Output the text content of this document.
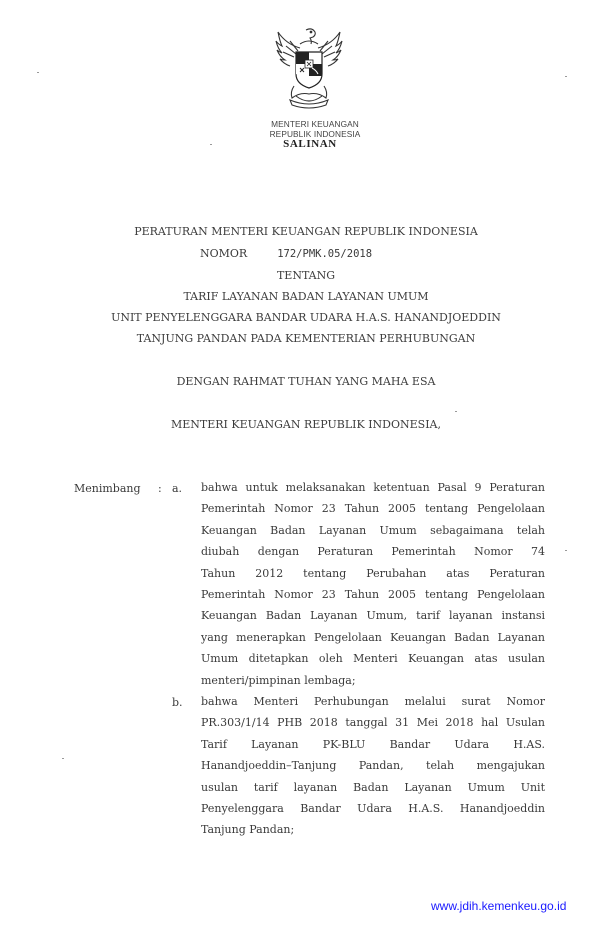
MENTERI KEUANGAN
REPUBLIK INDONESIA
SALINAN
PERATURAN MENTERI KEUANGAN REPUBLIK INDONESIA
NOMOR	172/PMK.05/2018
TENTANG
TARIF LAYANAN BADAN LAYANAN UMUM
UNIT PENYELENGGARA BANDAR UDARA H.A.S. HANANDJOEDDIN
TANJUNG PANDAN PADA KEMENTERIAN PERHUBUNGAN
DENGAN RAHMAT TUHAN YANG MAHA ESA
MENTERI KEUANGAN REPUBLIK INDONESIA,
Menimbang : a. bahwa untuk melaksanakan ketentuan Pasal 9 Peraturan
Pemerintah Nomor 23 Tahun 2005 tentang Pengelolaan
Keuangan Badan Layanan Umum sebagaimana telah
diubah dengan Peraturan Pemerintah Nomor 74
Tahun 2012 tentang Perubahan atas Peraturan
Pemerintah Nomor 23 Tahun 2005 tentang Pengelolaan
Keuangan Badan Layanan Umum, tarif layanan instansi
yang menerapkan Pengelolaan Keuangan Badan Layanan
Umum ditetapkan oleh Menteri Keuangan atas usulan
menteri/pimpinan lembaga;
b. bahwa Menteri Perhubungan melalui surat Nomor
PR.303/1/14 PHB 2018 tanggal 31 Mei 2018 hal Usulan
Tarif Layanan PK-BLU Bandar Udara H.AS.
Hanandjoeddin–Tanjung Pandan, telah mengajukan
usulan tarif layanan Badan Layanan Umum Unit
Penyelenggara Bandar Udara H.A.S. Hanandjoeddin
Tanjung Pandan;
www.jdih.kemenkeu.go.id
